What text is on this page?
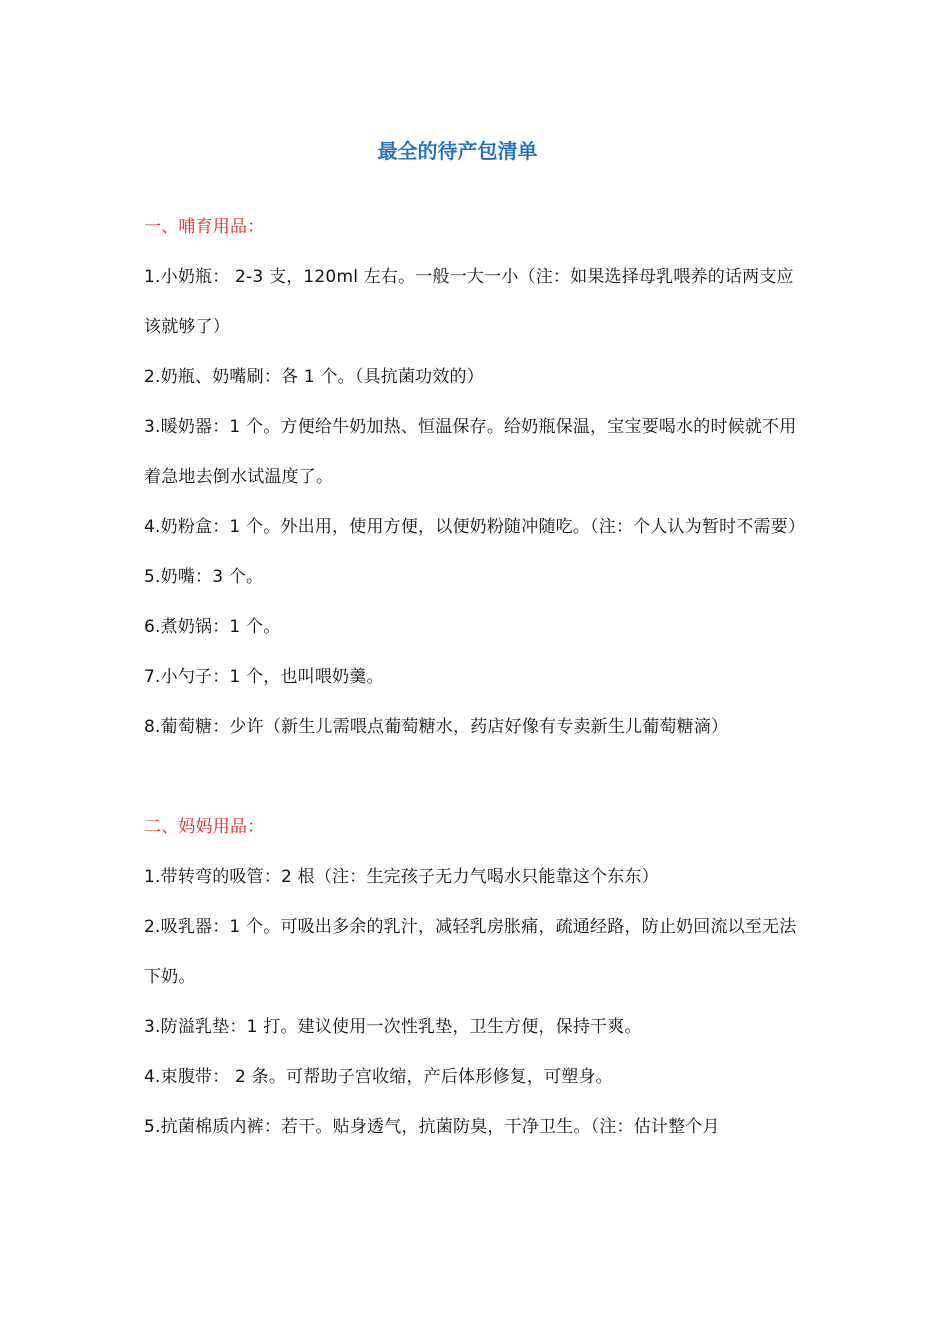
最全的待产包清单

一、哺育用品：

1.小奶瓶： 2-3 支，120ml 左右。一般一大一小（注：如果选择母乳喂养的话两支应该就够了）

2.奶瓶、奶嘴刷：各 1 个。（具抗菌功效的）

3.暖奶器：1 个。方便给牛奶加热、恒温保存。给奶瓶保温，宝宝要喝水的时候就不用着急地去倒水试温度了。

4.奶粉盒：1 个。外出用，使用方便，以便奶粉随冲随吃。（注：个人认为暂时不需要）

5.奶嘴：3 个。

6.煮奶锅：1 个。

7.小勺子：1 个，也叫喂奶羹。

8.葡萄糖：少许（新生儿需喂点葡萄糖水，药店好像有专卖新生儿葡萄糖滴）

二、妈妈用品：

1.带转弯的吸管：2 根（注：生完孩子无力气喝水只能靠这个东东）

2.吸乳器：1 个。可吸出多余的乳汁，减轻乳房胀痛，疏通经路，防止奶回流以至无法下奶。

3.防溢乳垫：1 打。建议使用一次性乳垫，卫生方便，保持干爽。

4.束腹带： 2 条。可帮助子宫收缩，产后体形修复，可塑身。

5.抗菌棉质内裤：若干。贴身透气，抗菌防臭，干净卫生。（注：估计整个月
